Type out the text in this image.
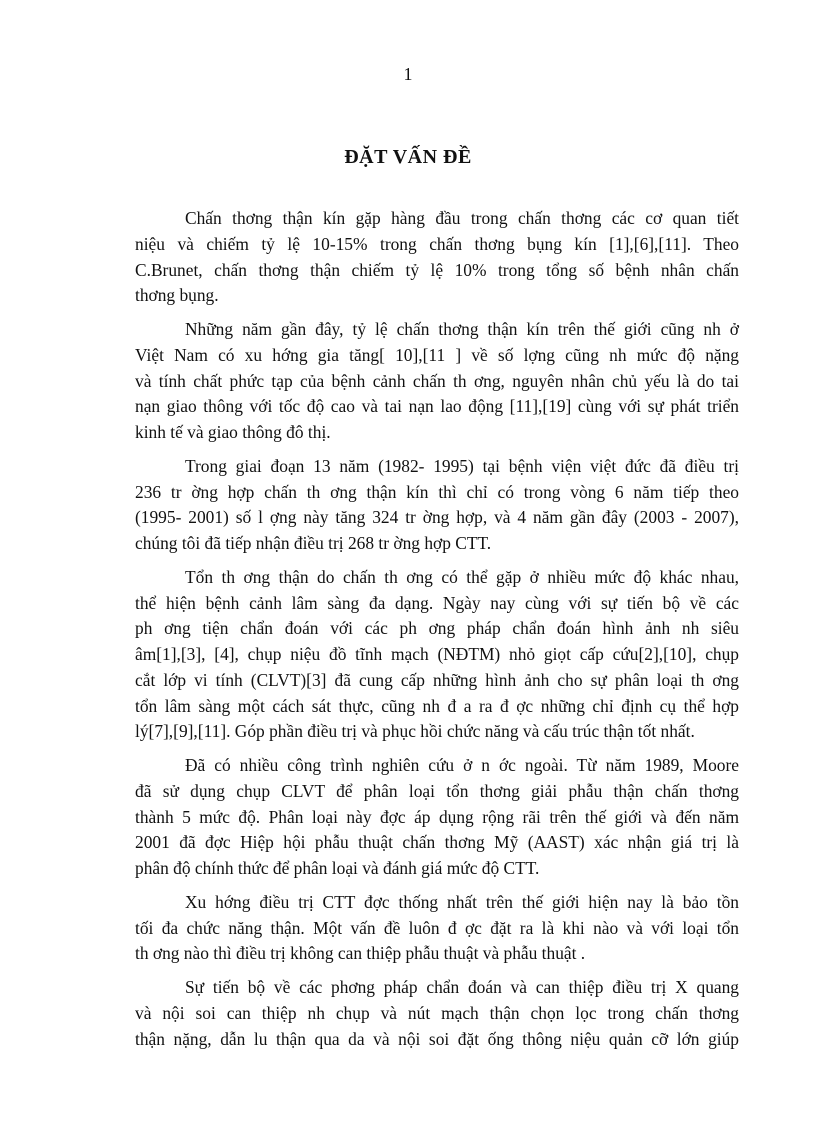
1
ĐẶT VẤN ĐỀ
Chấn thơng thận kín gặp hàng đầu trong chấn thơng các cơ quan tiết
niệu và chiếm tỷ lệ 10-15% trong chấn thơng bụng kín [1],[6],[11]. Theo
C.Brunet, chấn thơng thận chiếm tỷ lệ 10% trong tổng số bệnh nhân chấn
thơng bụng.
Những năm gần đây, tỷ lệ chấn thơng thận kín trên thế giới cũng nh ở
Việt Nam có xu hớng gia tăng[ 10],[11 ] về số lợng cũng nh mức độ nặng
và tính chất phức tạp của bệnh cảnh chấn th ơng, nguyên nhân chủ yếu là do tai
nạn giao thông với tốc độ cao và tai nạn lao động [11],[19] cùng với sự phát triển
kinh tế và giao thông đô thị.
Trong giai đoạn 13 năm (1982- 1995) tại bệnh viện việt đức đã điều trị
236 tr ờng hợp chấn th ơng thận kín thì chỉ có trong vòng 6 năm tiếp theo
(1995- 2001) số l ợng này tăng 324 tr ờng hợp, và 4 năm gần đây (2003 - 2007),
chúng tôi đã tiếp nhận điều trị 268 tr ờng hợp CTT.
Tổn th ơng thận do chấn th ơng có thể gặp ở nhiều mức độ khác nhau,
thể hiện bệnh cảnh lâm sàng đa dạng. Ngày nay cùng với sự tiến bộ về các
ph ơng tiện chẩn đoán với các ph ơng pháp chẩn đoán hình ảnh nh siêu
âm[1],[3], [4], chụp niệu đồ tĩnh mạch (NĐTM) nhỏ giọt cấp cứu[2],[10], chụp
cắt lớp vi tính (CLVT)[3] đã cung cấp những hình ảnh cho sự phân loại th ơng
tổn lâm sàng một cách sát thực, cũng nh đ a ra đ ợc những chỉ định cụ thể hợp
lý[7],[9],[11]. Góp phần điều trị và phục hồi chức năng và cấu trúc thận tốt nhất.
Đã có nhiều công trình nghiên cứu ở n ớc ngoài. Từ năm 1989, Moore
đã sử dụng chụp CLVT để phân loại tổn thơng giải phẫu thận chấn thơng
thành 5 mức độ. Phân loại này đợc áp dụng rộng rãi trên thế giới và đến năm
2001 đã đợc Hiệp hội phẫu thuật chấn thơng Mỹ (AAST) xác nhận giá trị là
phân độ chính thức để phân loại và đánh giá mức độ CTT.
Xu hớng điều trị CTT đợc thống nhất trên thế giới hiện nay là bảo tồn
tối đa chức năng thận. Một vấn đề luôn đ ợc đặt ra là khi nào và với loại tổn
th ơng nào thì điều trị không can thiệp phẫu thuật và phẫu thuật .
Sự tiến bộ về các phơng pháp chẩn đoán và can thiệp điều trị X quang
và nội soi can thiệp nh chụp và nút mạch thận chọn lọc trong chấn thơng
thận nặng, dẫn lu thận qua da và nội soi đặt ống thông niệu quản cỡ lớn giúp
